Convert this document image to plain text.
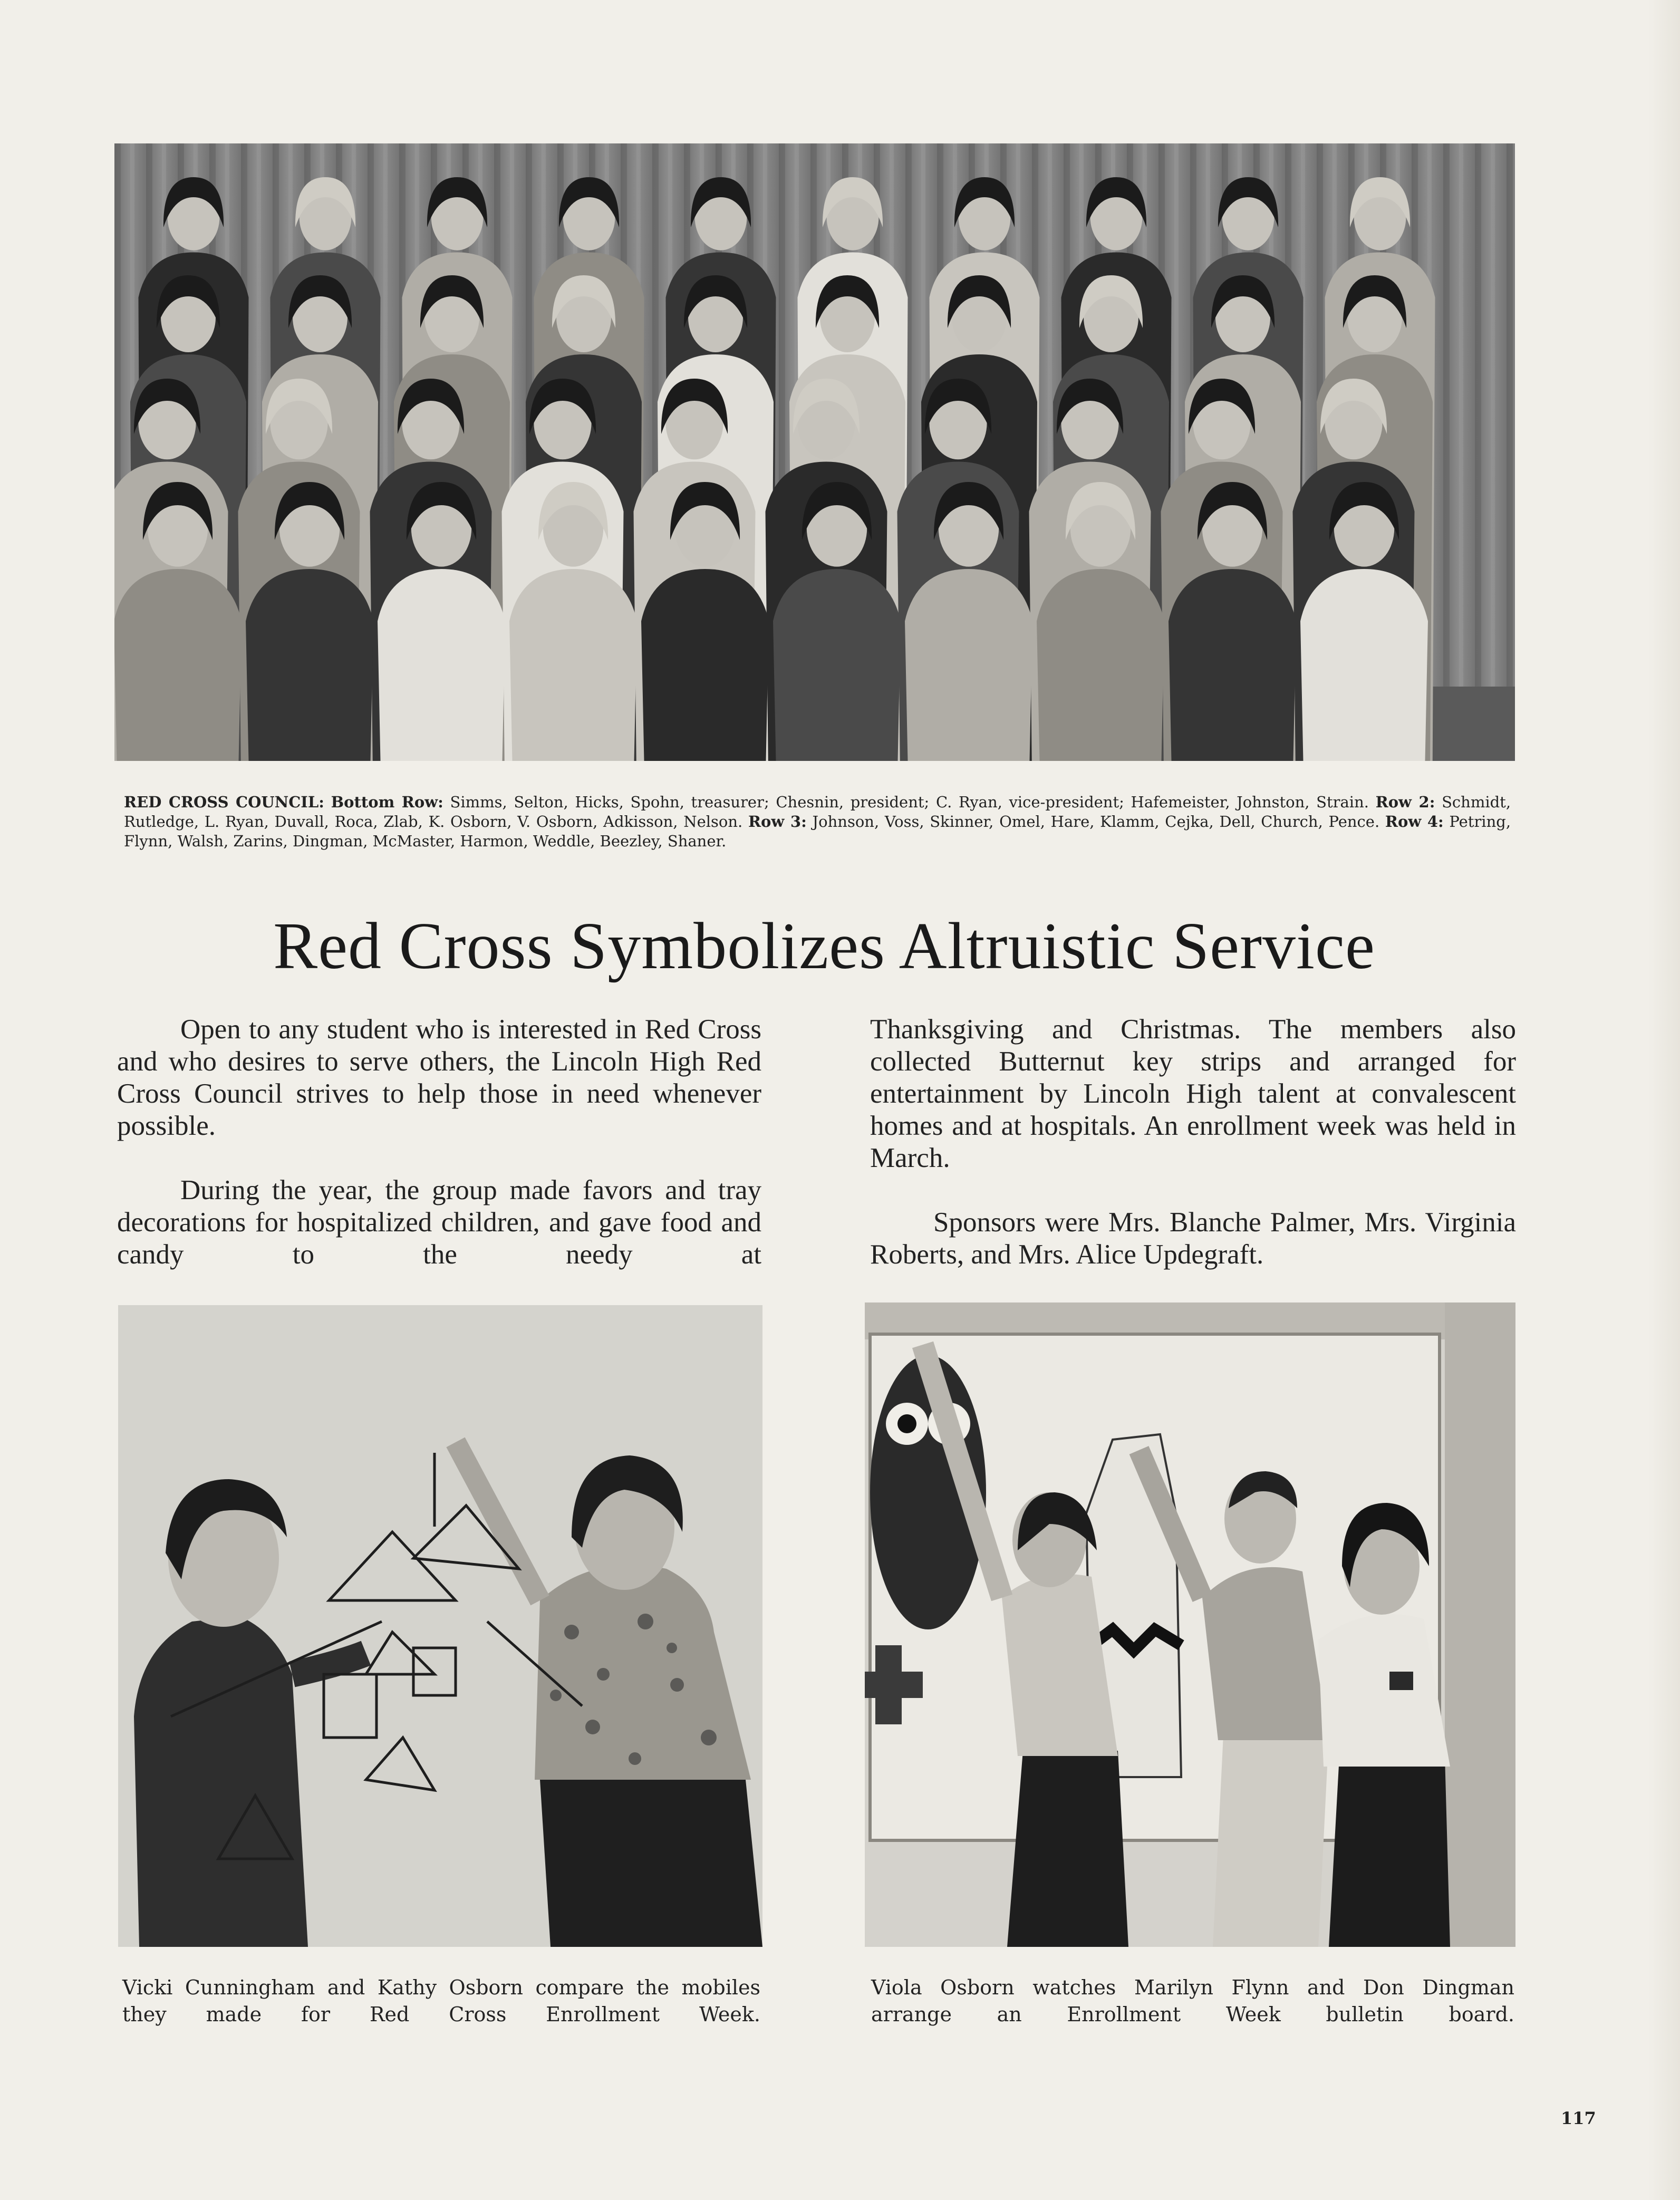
RED CROSS COUNCIL: Bottom Row: Simms, Selton, Hicks, Spohn, treasurer; Chesnin, president; C. Ryan, vice-president; Hafemeister, Johnston, Strain. Row 2: Schmidt, Rutledge, L. Ryan, Duvall, Roca, Zlab, K. Osborn, V. Osborn, Adkisson, Nelson. Row 3: Johnson, Voss, Skinner, Omel, Hare, Klamm, Cejka, Dell, Church, Pence. Row 4: Petring, Flynn, Walsh, Zarins, Dingman, McMaster, Harmon, Weddle, Beezley, Shaner.
Red Cross Symbolizes Altruistic Service

Open to any student who is interested in Red Cross and who desires to serve others, the Lincoln High Red Cross Council strives to help those in need whenever possible.

During the year, the group made favors and tray decorations for hospitalized children, and gave food and candy to the needy at

Thanksgiving and Christmas. The members also collected Butternut key strips and arranged for entertainment by Lincoln High talent at convalescent homes and at hospitals. An enrollment week was held in March.

Sponsors were Mrs. Blanche Palmer, Mrs. Virginia Roberts, and Mrs. Alice Updegraft.

Vicki Cunningham and Kathy Osborn compare the mobiles they made for Red Cross Enrollment Week.
Viola Osborn watches Marilyn Flynn and Don Dingman arrange an Enrollment Week bulletin board.
117
